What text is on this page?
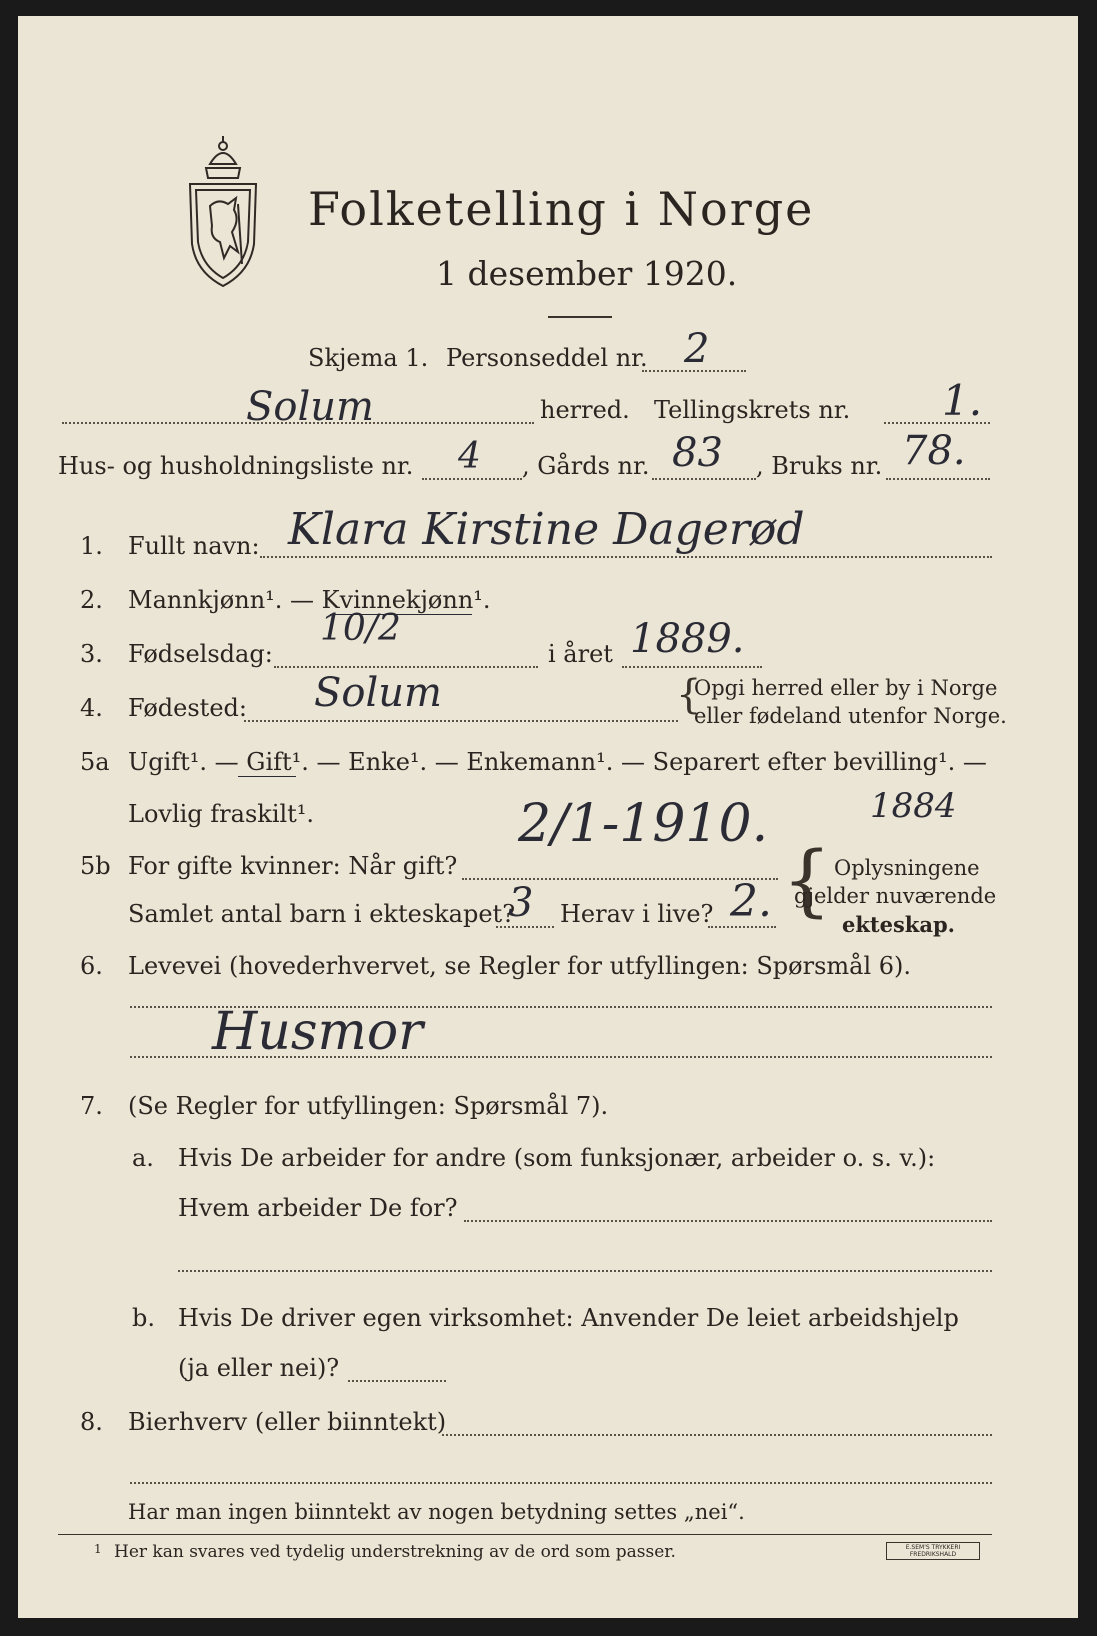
Folketelling i Norge
1 desember 1920.
Skjema 1. Personseddel nr. 2
Solum	herred. Tellingskrets nr. 1.
Hus- og husholdningsliste nr. 4 , Gårds nr. 83 , Bruks nr. 78.
1.	Fullt navn: Klara Kirstine Dagerød
2.	Mannkjønn¹. — Kvinnekjønn¹.
3.	Fødselsdag:
10/2
i året 1889.
4.	Fødested: Solum	{
Opgi herred eller by i Norge
eller fødeland utenfor Norge.
5a Ugift¹. — Gift¹. — Enke¹. — Enkemann¹. — Separert efter bevilling¹. —
Lovlig fraskilt¹.
5b For gifte kvinner: Når gift?
2/1-1910.	1884
Samlet antal barn i ekteskapet?
3 Herav i live? 2. { Oplysningene
gjelder nuværende
ekteskap.
6.	Levevei (hovederhvervet, se Regler for utfyllingen: Spørsmål 6).
Husmor
7.	(Se Regler for utfyllingen: Spørsmål 7).
a. Hvis De arbeider for andre (som funksjonær, arbeider o. s. v.):
Hvem arbeider De for?
b. Hvis De driver egen virksomhet: Anvender De leiet arbeidshjelp
(ja eller nei)?
8.	Bierhverv (eller biinntekt)
Har man ingen biinntekt av nogen betydning settes „nei“.
1 Her kan svares ved tydelig understrekning av de ord som passer.	E.SEM'S TRYKKERI
FREDRIKSHALD
